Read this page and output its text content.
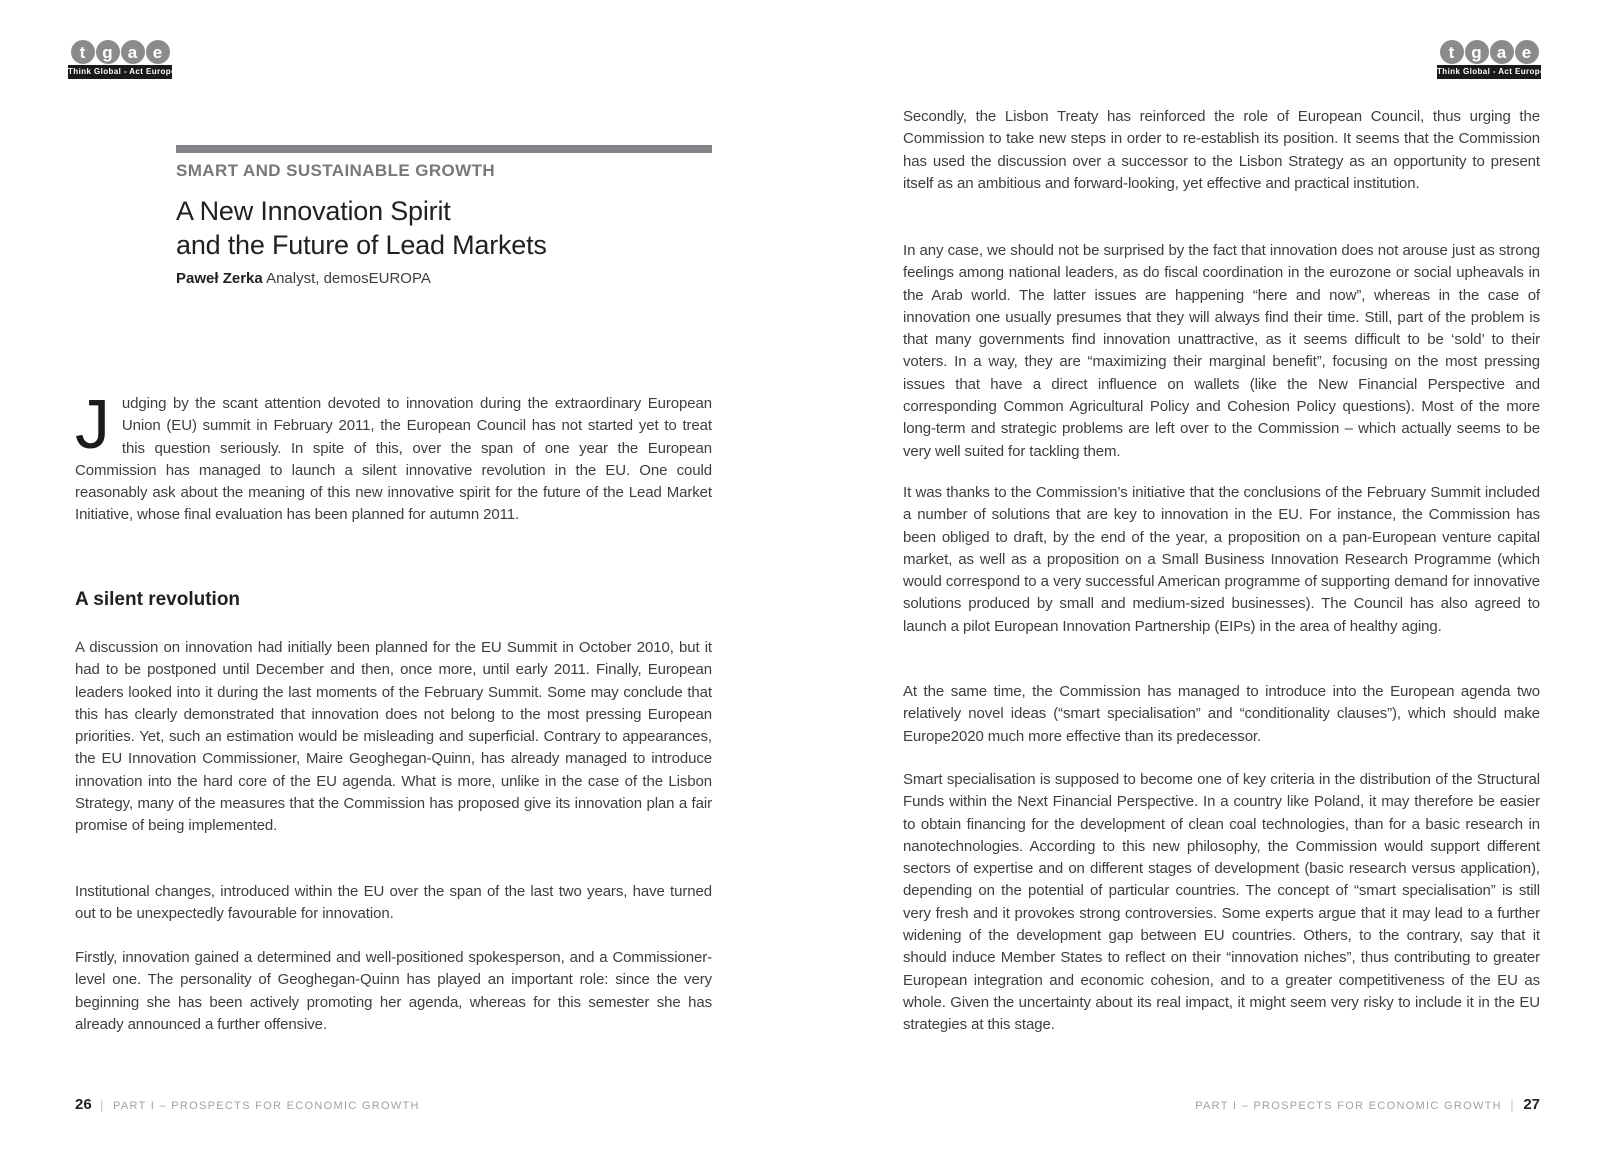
t g a e
Think Global - Act European
t g a e
Think Global - Act European
SMART AND SUSTAINABLE GROWTH
A New Innovation Spirit
and the Future of Lead Markets
Paweł Zerka Analyst, demosEUROPA

J udging by the scant attention devoted to innovation during the extraordinary European Union (EU) summit in February 2011, the European Council has not started yet to treat this question seriously. In spite of this, over the span of one year the European Commission has managed to launch a silent innovative revolution in the EU. One could reasonably ask about the meaning of this new innovative spirit for the future of the Lead Market Initiative, whose final evaluation has been planned for autumn 2011.

A silent revolution

A discussion on innovation had initially been planned for the EU Summit in October 2010, but it had to be postponed until December and then, once more, until early 2011. Finally, European leaders looked into it during the last moments of the February Summit. Some may conclude that this has clearly demonstrated that innovation does not belong to the most pressing European priorities. Yet, such an estimation would be misleading and superficial. Contrary to appearances, the EU Innovation Commissioner, Maire Geoghegan-Quinn, has already managed to introduce innovation into the hard core of the EU agenda. What is more, unlike in the case of the Lisbon Strategy, many of the measures that the Commission has proposed give its innovation plan a fair promise of being implemented.

Institutional changes, introduced within the EU over the span of the last two years, have turned out to be unexpectedly favourable for innovation.

Firstly, innovation gained a determined and well-positioned spokesperson, and a Commissioner-level one. The personality of Geoghegan-Quinn has played an important role: since the very beginning she has been actively promoting her agenda, whereas for this semester she has already announced a further offensive.

26 | PART I – PROSPECTS FOR ECONOMIC GROWTH

Secondly, the Lisbon Treaty has reinforced the role of European Council, thus urging the Commission to take new steps in order to re-establish its position. It seems that the Commission has used the discussion over a successor to the Lisbon Strategy as an opportunity to present itself as an ambitious and forward-looking, yet effective and practical institution.

In any case, we should not be surprised by the fact that innovation does not arouse just as strong feelings among national leaders, as do fiscal coordination in the eurozone or social upheavals in the Arab world. The latter issues are happening “here and now”, whereas in the case of innovation one usually presumes that they will always find their time. Still, part of the problem is that many governments find innovation unattractive, as it seems difficult to be ‘sold’ to their voters. In a way, they are “maximizing their marginal benefit”, focusing on the most pressing issues that have a direct influence on wallets (like the New Financial Perspective and corresponding Common Agricultural Policy and Cohesion Policy questions). Most of the more long-term and strategic problems are left over to the Commission – which actually seems to be very well suited for tackling them.

It was thanks to the Commission’s initiative that the conclusions of the February Summit included a number of solutions that are key to innovation in the EU. For instance, the Commission has been obliged to draft, by the end of the year, a proposition on a pan-European venture capital market, as well as a proposition on a Small Business Innovation Research Programme (which would correspond to a very successful American programme of supporting demand for innovative solutions produced by small and medium-sized businesses). The Council has also agreed to launch a pilot European Innovation Partnership (EIPs) in the area of healthy aging.

At the same time, the Commission has managed to introduce into the European agenda two relatively novel ideas (“smart specialisation” and “conditionality clauses”), which should make Europe2020 much more effective than its predecessor.

Smart specialisation is supposed to become one of key criteria in the distribution of the Structural Funds within the Next Financial Perspective. In a country like Poland, it may therefore be easier to obtain financing for the development of clean coal technologies, than for a basic research in nanotechnologies. According to this new philosophy, the Commission would support different sectors of expertise and on different stages of development (basic research versus application), depending on the potential of particular countries. The concept of “smart specialisation” is still very fresh and it provokes strong controversies. Some experts argue that it may lead to a further widening of the development gap between EU countries. Others, to the contrary, say that it should induce Member States to reflect on their “innovation niches”, thus contributing to greater European integration and economic cohesion, and to a greater competitiveness of the EU as whole. Given the uncertainty about its real impact, it might seem very risky to include it in the EU strategies at this stage.

PART I – PROSPECTS FOR ECONOMIC GROWTH | 27
